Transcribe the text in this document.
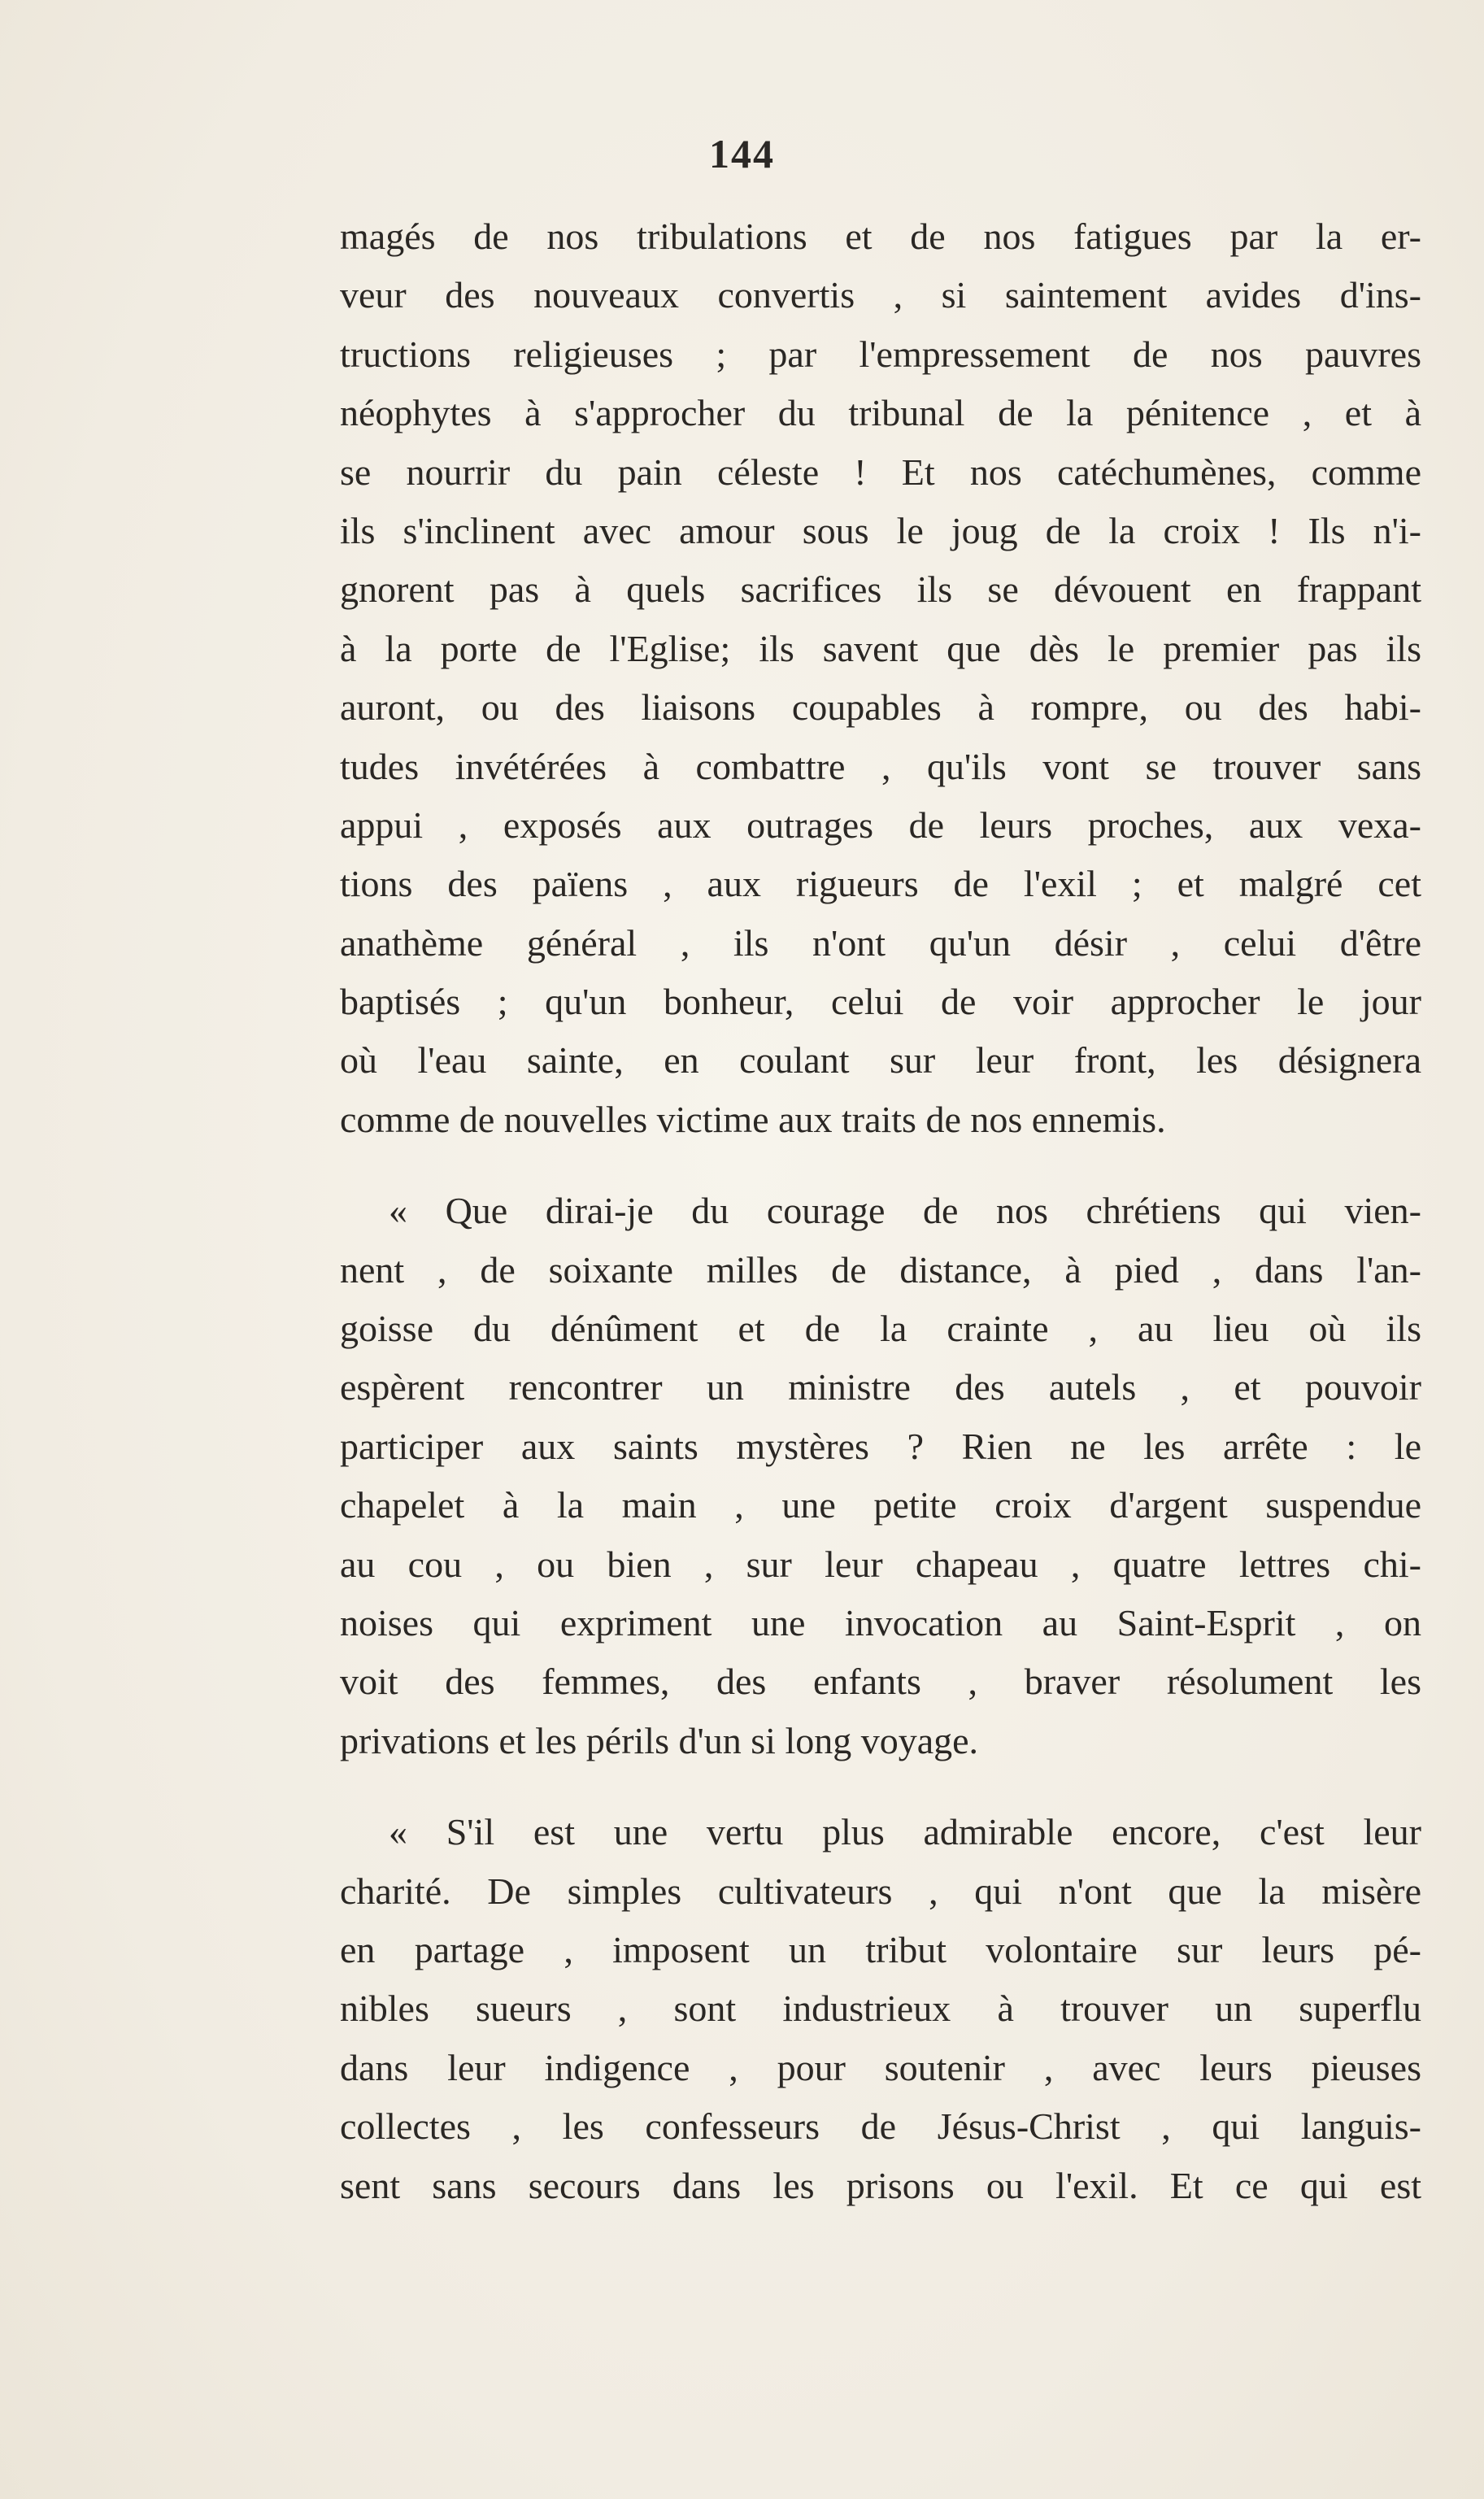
144
magés de nos tribulations et de nos fatigues par la er-
veur des nouveaux convertis , si saintement avides d'ins-
tructions religieuses ; par l'empressement de nos pauvres
néophytes à s'approcher du tribunal de la pénitence , et à
se nourrir du pain céleste ! Et nos catéchumènes, comme
ils s'inclinent avec amour sous le joug de la croix ! Ils n'i-
gnorent pas à quels sacrifices ils se dévouent en frappant
à la porte de l'Eglise; ils savent que dès le premier pas ils
auront, ou des liaisons coupables à rompre, ou des habi-
tudes invétérées à combattre , qu'ils vont se trouver sans
appui , exposés aux outrages de leurs proches, aux vexa-
tions des païens , aux rigueurs de l'exil ; et malgré cet
anathème général , ils n'ont qu'un désir , celui d'être
baptisés ; qu'un bonheur, celui de voir approcher le jour
où l'eau sainte, en coulant sur leur front, les désignera
comme de nouvelles victime aux traits de nos ennemis.
« Que dirai-je du courage de nos chrétiens qui vien-
nent , de soixante milles de distance, à pied , dans l'an-
goisse du dénûment et de la crainte , au lieu où ils
espèrent rencontrer un ministre des autels , et pouvoir
participer aux saints mystères ? Rien ne les arrête : le
chapelet à la main , une petite croix d'argent suspendue
au cou , ou bien , sur leur chapeau , quatre lettres chi-
noises qui expriment une invocation au Saint-Esprit , on
voit des femmes, des enfants , braver résolument les
privations et les périls d'un si long voyage.
« S'il est une vertu plus admirable encore, c'est leur
charité. De simples cultivateurs , qui n'ont que la misère
en partage , imposent un tribut volontaire sur leurs pé-
nibles sueurs , sont industrieux à trouver un superflu
dans leur indigence , pour soutenir , avec leurs pieuses
collectes , les confesseurs de Jésus-Christ , qui languis-
sent sans secours dans les prisons ou l'exil. Et ce qui est
